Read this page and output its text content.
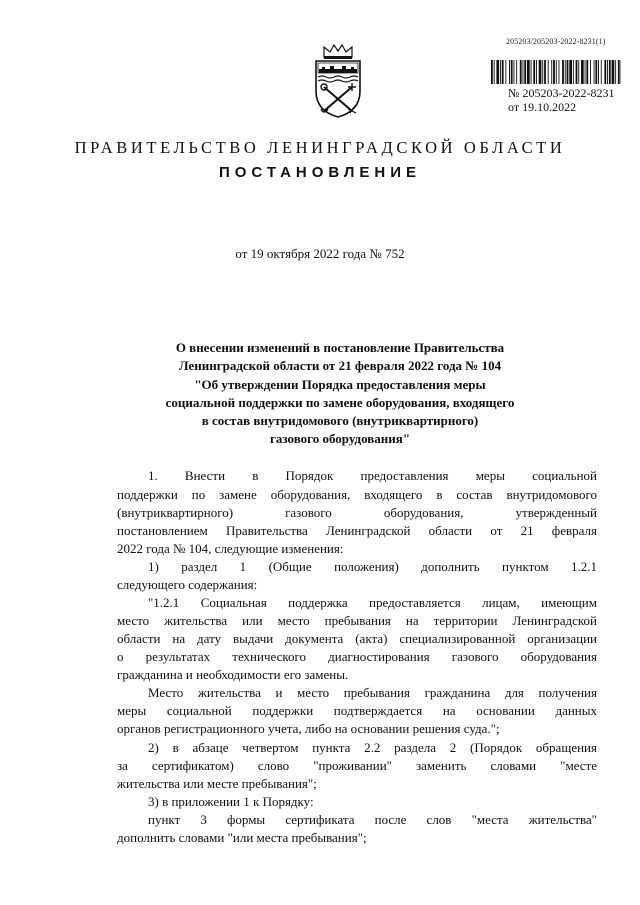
205203/205203-2022-8231(1)
№ 205203-2022-8231
от 19.10.2022
ПРАВИТЕЛЬСТВО ЛЕНИНГРАДСКОЙ ОБЛАСТИ
ПОСТАНОВЛЕНИЕ
от 19 октября 2022 года № 752
О внесении изменений в постановление Правительства
Ленинградской области от 21 февраля 2022 года № 104
"Об утверждении Порядка предоставления меры
социальной поддержки по замене оборудования, входящего
в состав внутридомового (внутриквартирного)
газового оборудования"
1. Внести в Порядок предоставления меры социальной
поддержки по замене оборудования, входящего в состав внутридомового
(внутриквартирного) газового оборудования, утвержденный
постановлением Правительства Ленинградской области от 21 февраля
2022 года № 104, следующие изменения:
1) раздел 1 (Общие положения) дополнить пунктом 1.2.1
следующего содержания:
"1.2.1 Социальная поддержка предоставляется лицам, имеющим
место жительства или место пребывания на территории Ленинградской
области на дату выдачи документа (акта) специализированной организации
о результатах технического диагностирования газового оборудования
гражданина и необходимости его замены.
Место жительства и место пребывания гражданина для получения
меры социальной поддержки подтверждается на основании данных
органов регистрационного учета, либо на основании решения суда.";
2) в абзаце четвертом пункта 2.2 раздела 2 (Порядок обращения
за сертификатом) слово "проживании" заменить словами "месте
жительства или месте пребывания";
3) в приложении 1 к Порядку:
пункт 3 формы сертификата после слов "места жительства"
дополнить словами "или места пребывания";
